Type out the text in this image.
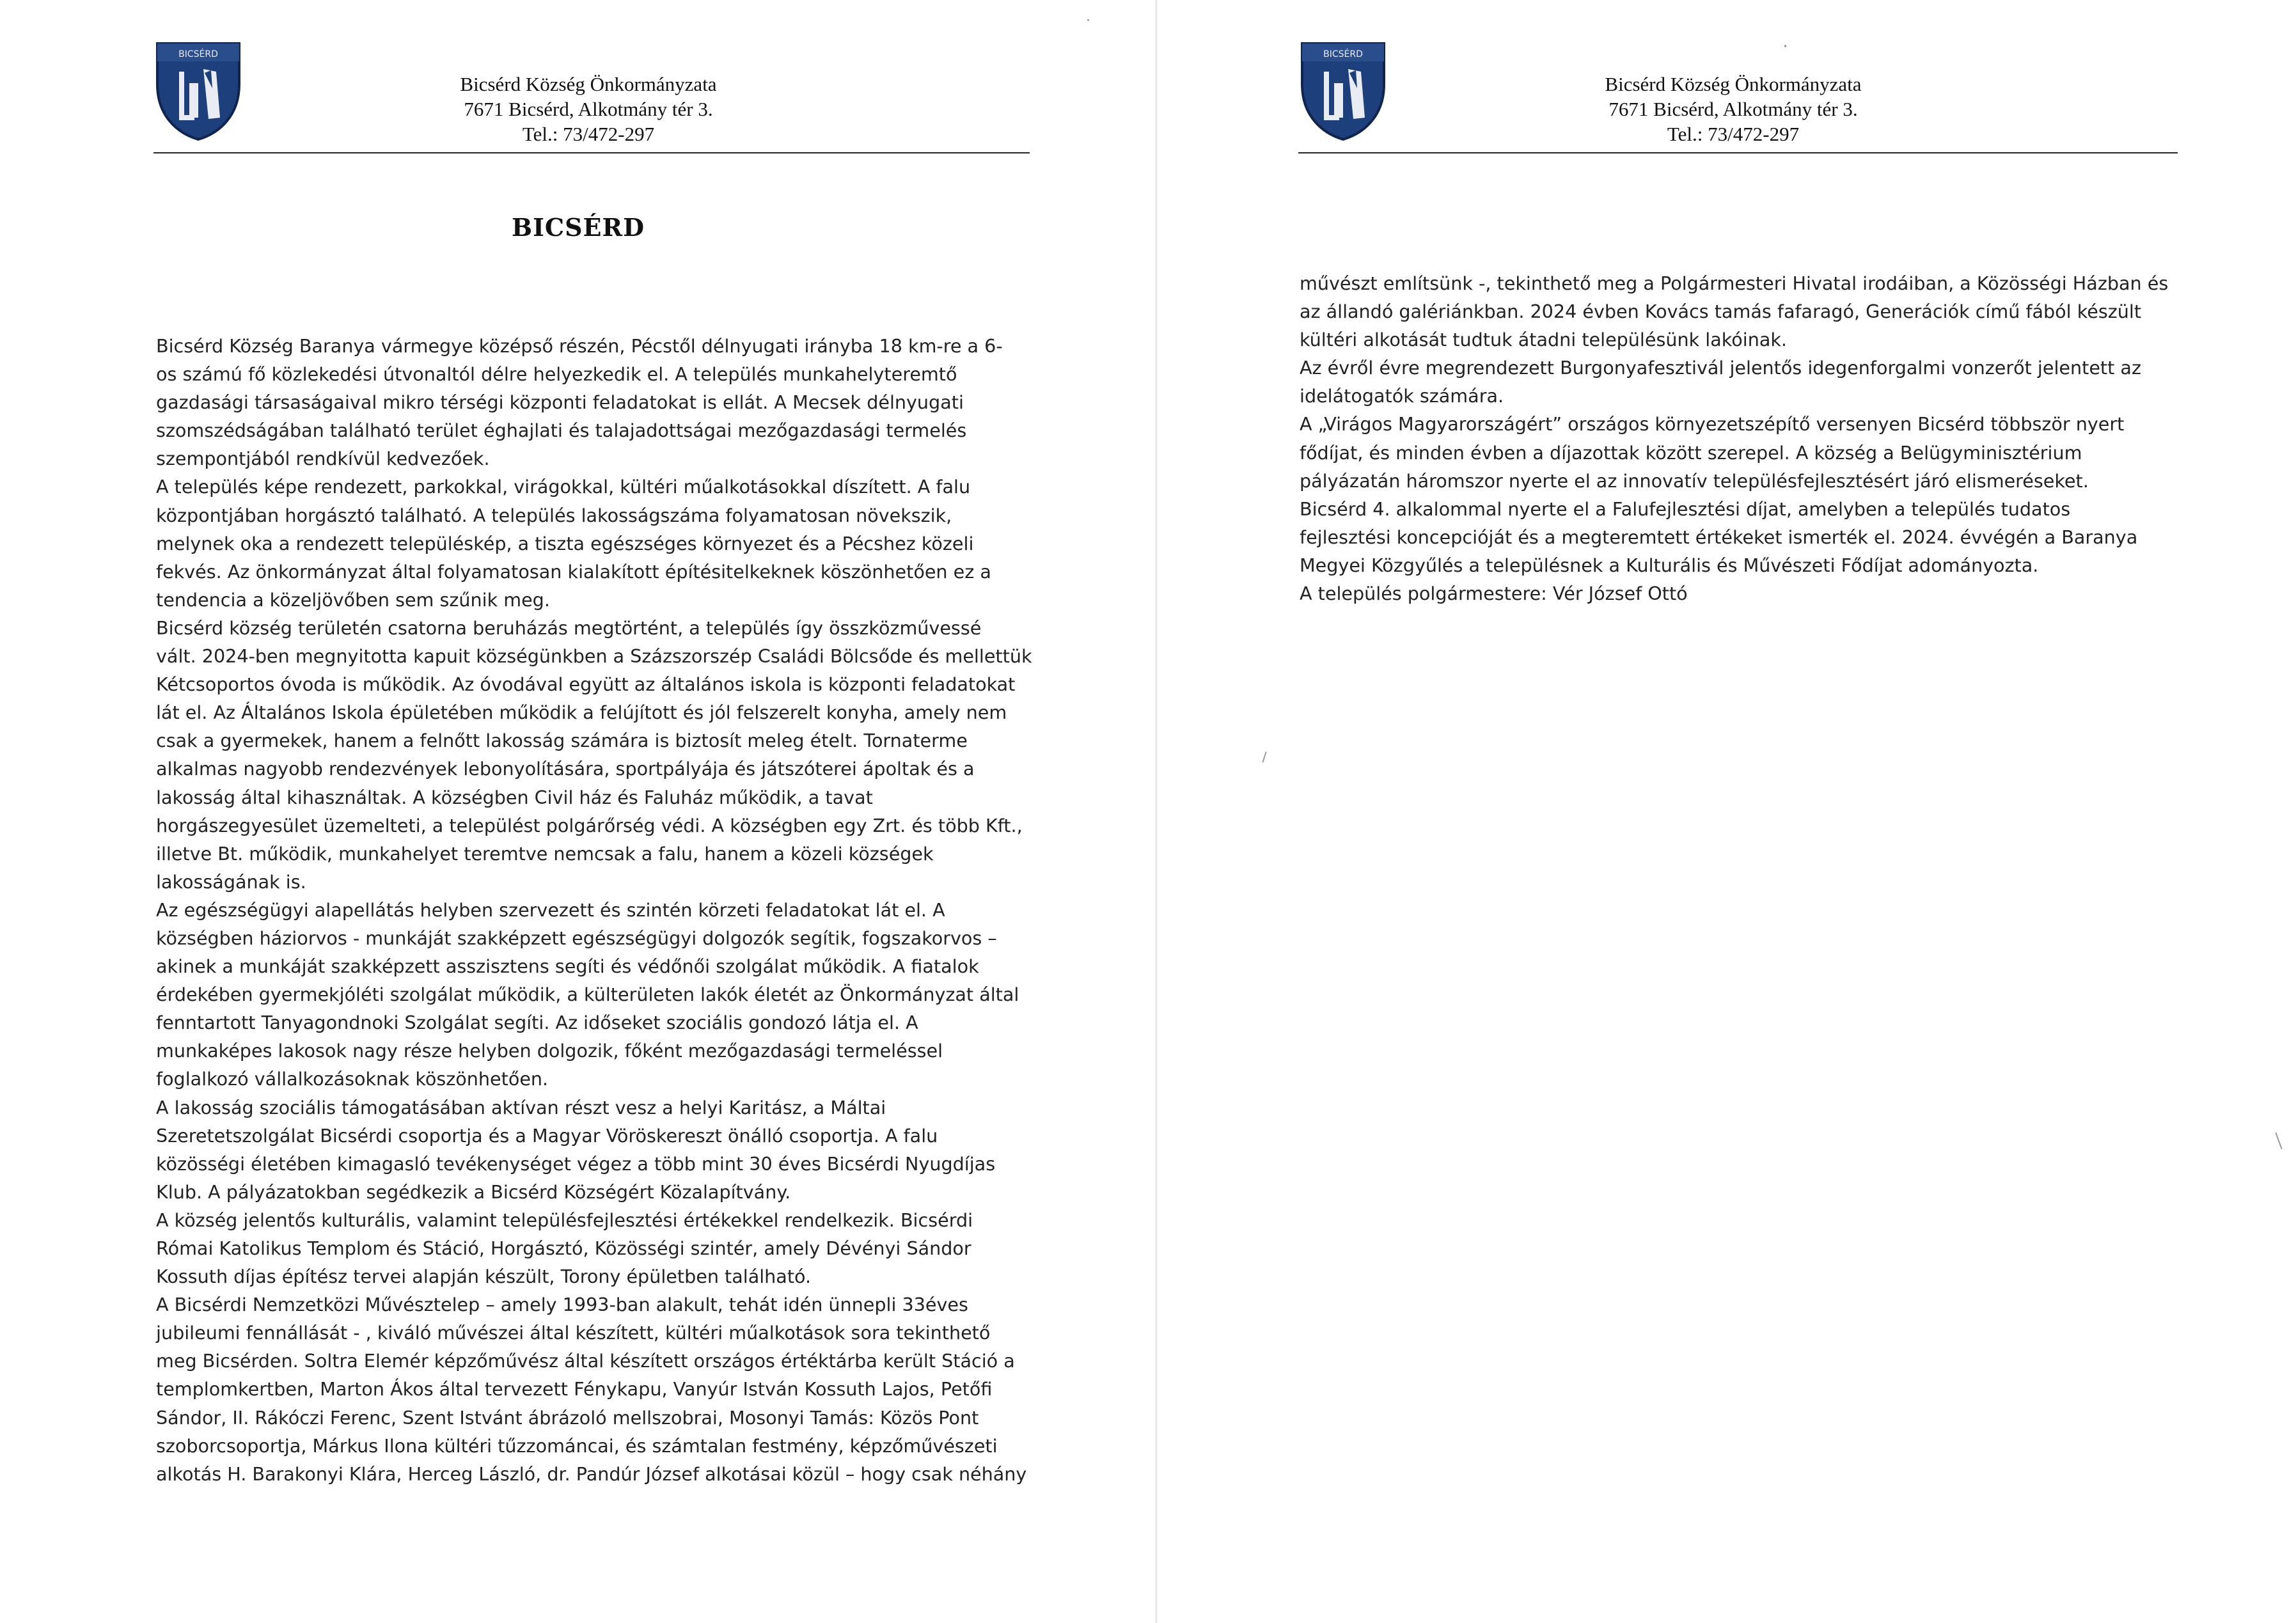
BICSÉRD
Bicsérd Község Önkormányzata
7671 Bicsérd, Alkotmány tér 3.
Tel.: 73/472-297
BICSÉRD
Bicsérd Község Baranya vármegye középső részén, Pécstől délnyugati irányba 18 km-re a 6-
os számú fő közlekedési útvonaltól délre helyezkedik el. A település munkahelyteremtő
gazdasági társaságaival mikro térségi központi feladatokat is ellát. A Mecsek délnyugati
szomszédságában található terület éghajlati és talajadottságai mezőgazdasági termelés
szempontjából rendkívül kedvezőek.
A település képe rendezett, parkokkal, virágokkal, kültéri műalkotásokkal díszített. A falu
központjában horgásztó található. A település lakosságszáma folyamatosan növekszik,
melynek oka a rendezett településkép, a tiszta egészséges környezet és a Pécshez közeli
fekvés. Az önkormányzat által folyamatosan kialakított építésitelkeknek köszönhetően ez a
tendencia a közeljövőben sem szűnik meg.
Bicsérd község területén csatorna beruházás megtörtént, a település így összközművessé
vált. 2024-ben megnyitotta kapuit községünkben a Százszorszép Családi Bölcsőde és mellettük
Kétcsoportos óvoda is működik. Az óvodával együtt az általános iskola is központi feladatokat
lát el. Az Általános Iskola épületében működik a felújított és jól felszerelt konyha, amely nem
csak a gyermekek, hanem a felnőtt lakosság számára is biztosít meleg ételt. Tornaterme
alkalmas nagyobb rendezvények lebonyolítására, sportpályája és játszóterei ápoltak és a
lakosság által kihasználtak. A községben Civil ház és Faluház működik, a tavat
horgászegyesület üzemelteti, a települést polgárőrség védi. A községben egy Zrt. és több Kft.,
illetve Bt. működik, munkahelyet teremtve nemcsak a falu, hanem a közeli községek
lakosságának is.
Az egészségügyi alapellátás helyben szervezett és szintén körzeti feladatokat lát el. A
községben háziorvos - munkáját szakképzett egészségügyi dolgozók segítik, fogszakorvos –
akinek a munkáját szakképzett asszisztens segíti és védőnői szolgálat működik. A fiatalok
érdekében gyermekjóléti szolgálat működik, a külterületen lakók életét az Önkormányzat által
fenntartott Tanyagondnoki Szolgálat segíti. Az időseket szociális gondozó látja el. A
munkaképes lakosok nagy része helyben dolgozik, főként mezőgazdasági termeléssel
foglalkozó vállalkozásoknak köszönhetően.
A lakosság szociális támogatásában aktívan részt vesz a helyi Karitász, a Máltai
Szeretetszolgálat Bicsérdi csoportja és a Magyar Vöröskereszt önálló csoportja. A falu
közösségi életében kimagasló tevékenységet végez a több mint 30 éves Bicsérdi Nyugdíjas
Klub. A pályázatokban segédkezik a Bicsérd Községért Közalapítvány.
A község jelentős kulturális, valamint településfejlesztési értékekkel rendelkezik. Bicsérdi
Római Katolikus Templom és Stáció, Horgásztó, Közösségi szintér, amely Dévényi Sándor
Kossuth díjas építész tervei alapján készült, Torony épületben található.
A Bicsérdi Nemzetközi Művésztelep – amely 1993-ban alakult, tehát idén ünnepli 33éves
jubileumi fennállását - , kiváló művészei által készített, kültéri műalkotások sora tekinthető
meg Bicsérden. Soltra Elemér képzőművész által készített országos értéktárba került Stáció a
templomkertben, Marton Ákos által tervezett Fénykapu, Vanyúr István Kossuth Lajos, Petőfi
Sándor, II. Rákóczi Ferenc, Szent Istvánt ábrázoló mellszobrai, Mosonyi Tamás: Közös Pont
szoborcsoportja, Márkus Ilona kültéri tűzzománcai, és számtalan festmény, képzőművészeti
alkotás H. Barakonyi Klára, Herceg László, dr. Pandúr József alkotásai közül – hogy csak néhány
BICSÉRD
Bicsérd Község Önkormányzata
7671 Bicsérd, Alkotmány tér 3.
Tel.: 73/472-297
művészt említsünk -, tekinthető meg a Polgármesteri Hivatal irodáiban, a Közösségi Házban és
az állandó galériánkban. 2024 évben Kovács tamás fafaragó, Generációk című fából készült
kültéri alkotását tudtuk átadni településünk lakóinak.
Az évről évre megrendezett Burgonyafesztivál jelentős idegenforgalmi vonzerőt jelentett az
idelátogatók számára.
A „Virágos Magyarországért” országos környezetszépítő versenyen Bicsérd többször nyert
fődíjat, és minden évben a díjazottak között szerepel. A község a Belügyminisztérium
pályázatán háromszor nyerte el az innovatív településfejlesztésért járó elismeréseket.
Bicsérd 4. alkalommal nyerte el a Falufejlesztési díjat, amelyben a település tudatos
fejlesztési koncepcióját és a megteremtett értékeket ismerték el. 2024. évvégén a Baranya
Megyei Közgyűlés a településnek a Kulturális és Művészeti Fődíjat adományozta.
A település polgármestere: Vér József Ottó
